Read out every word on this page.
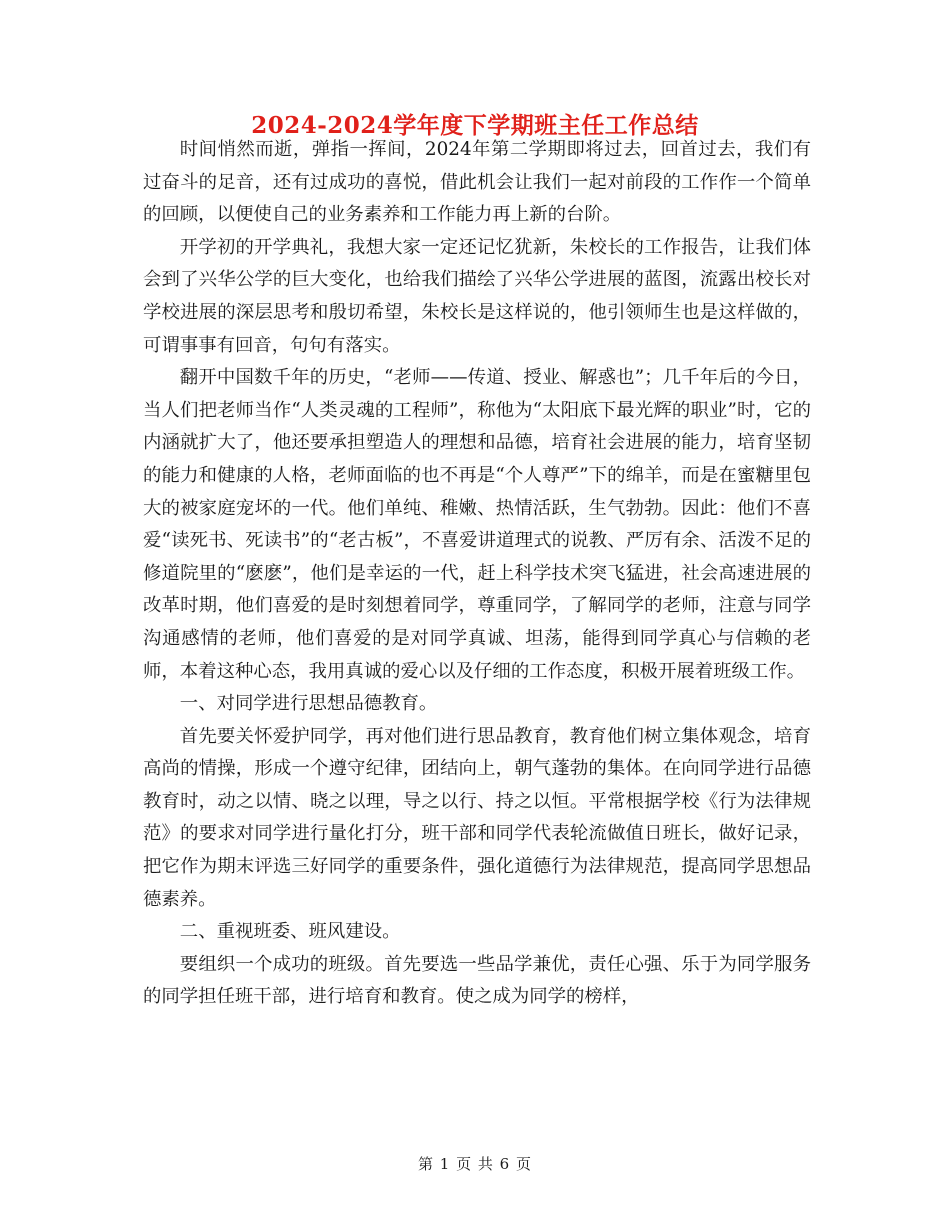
2024-2024学年度下学期班主任工作总结

时间悄然而逝，弹指一挥间，2024年第二学期即将过去，回首过去，我们有过奋斗的足音，还有过成功的喜悦，借此机会让我们一起对前段的工作作一个简单的回顾，以便使自己的业务素养和工作能力再上新的台阶。

开学初的开学典礼，我想大家一定还记忆犹新，朱校长的工作报告，让我们体会到了兴华公学的巨大变化，也给我们描绘了兴华公学进展的蓝图，流露出校长对学校进展的深层思考和殷切希望，朱校长是这样说的，他引领师生也是这样做的，可谓事事有回音，句句有落实。

翻开中国数千年的历史，“老师——传道、授业、解惑也”；几千年后的今日，当人们把老师当作“人类灵魂的工程师”，称他为“太阳底下最光辉的职业”时，它的内涵就扩大了，他还要承担塑造人的理想和品德，培育社会进展的能力，培育坚韧的能力和健康的人格，老师面临的也不再是“个人尊严”下的绵羊，而是在蜜糖里包大的被家庭宠坏的一代。他们单纯、稚嫩、热情活跃，生气勃勃。因此：他们不喜爱“读死书、死读书”的“老古板”，不喜爱讲道理式的说教、严厉有余、活泼不足的修道院里的“麽麽”，他们是幸运的一代，赶上科学技术突飞猛进，社会高速进展的改革时期，他们喜爱的是时刻想着同学，尊重同学，了解同学的老师，注意与同学沟通感情的老师，他们喜爱的是对同学真诚、坦荡，能得到同学真心与信赖的老师，本着这种心态，我用真诚的爱心以及仔细的工作态度，积极开展着班级工作。

一、对同学进行思想品德教育。

首先要关怀爱护同学，再对他们进行思品教育，教育他们树立集体观念，培育高尚的情操，形成一个遵守纪律，团结向上，朝气蓬勃的集体。在向同学进行品德教育时，动之以情、晓之以理，导之以行、持之以恒。平常根据学校《行为法律规范》的要求对同学进行量化打分，班干部和同学代表轮流做值日班长，做好记录，把它作为期末评选三好同学的重要条件，强化道德行为法律规范，提高同学思想品德素养。

二、重视班委、班风建设。

要组织一个成功的班级。首先要选一些品学兼优，责任心强、乐于为同学服务的同学担任班干部，进行培育和教育。使之成为同学的榜样，

第 1 页 共 6 页
